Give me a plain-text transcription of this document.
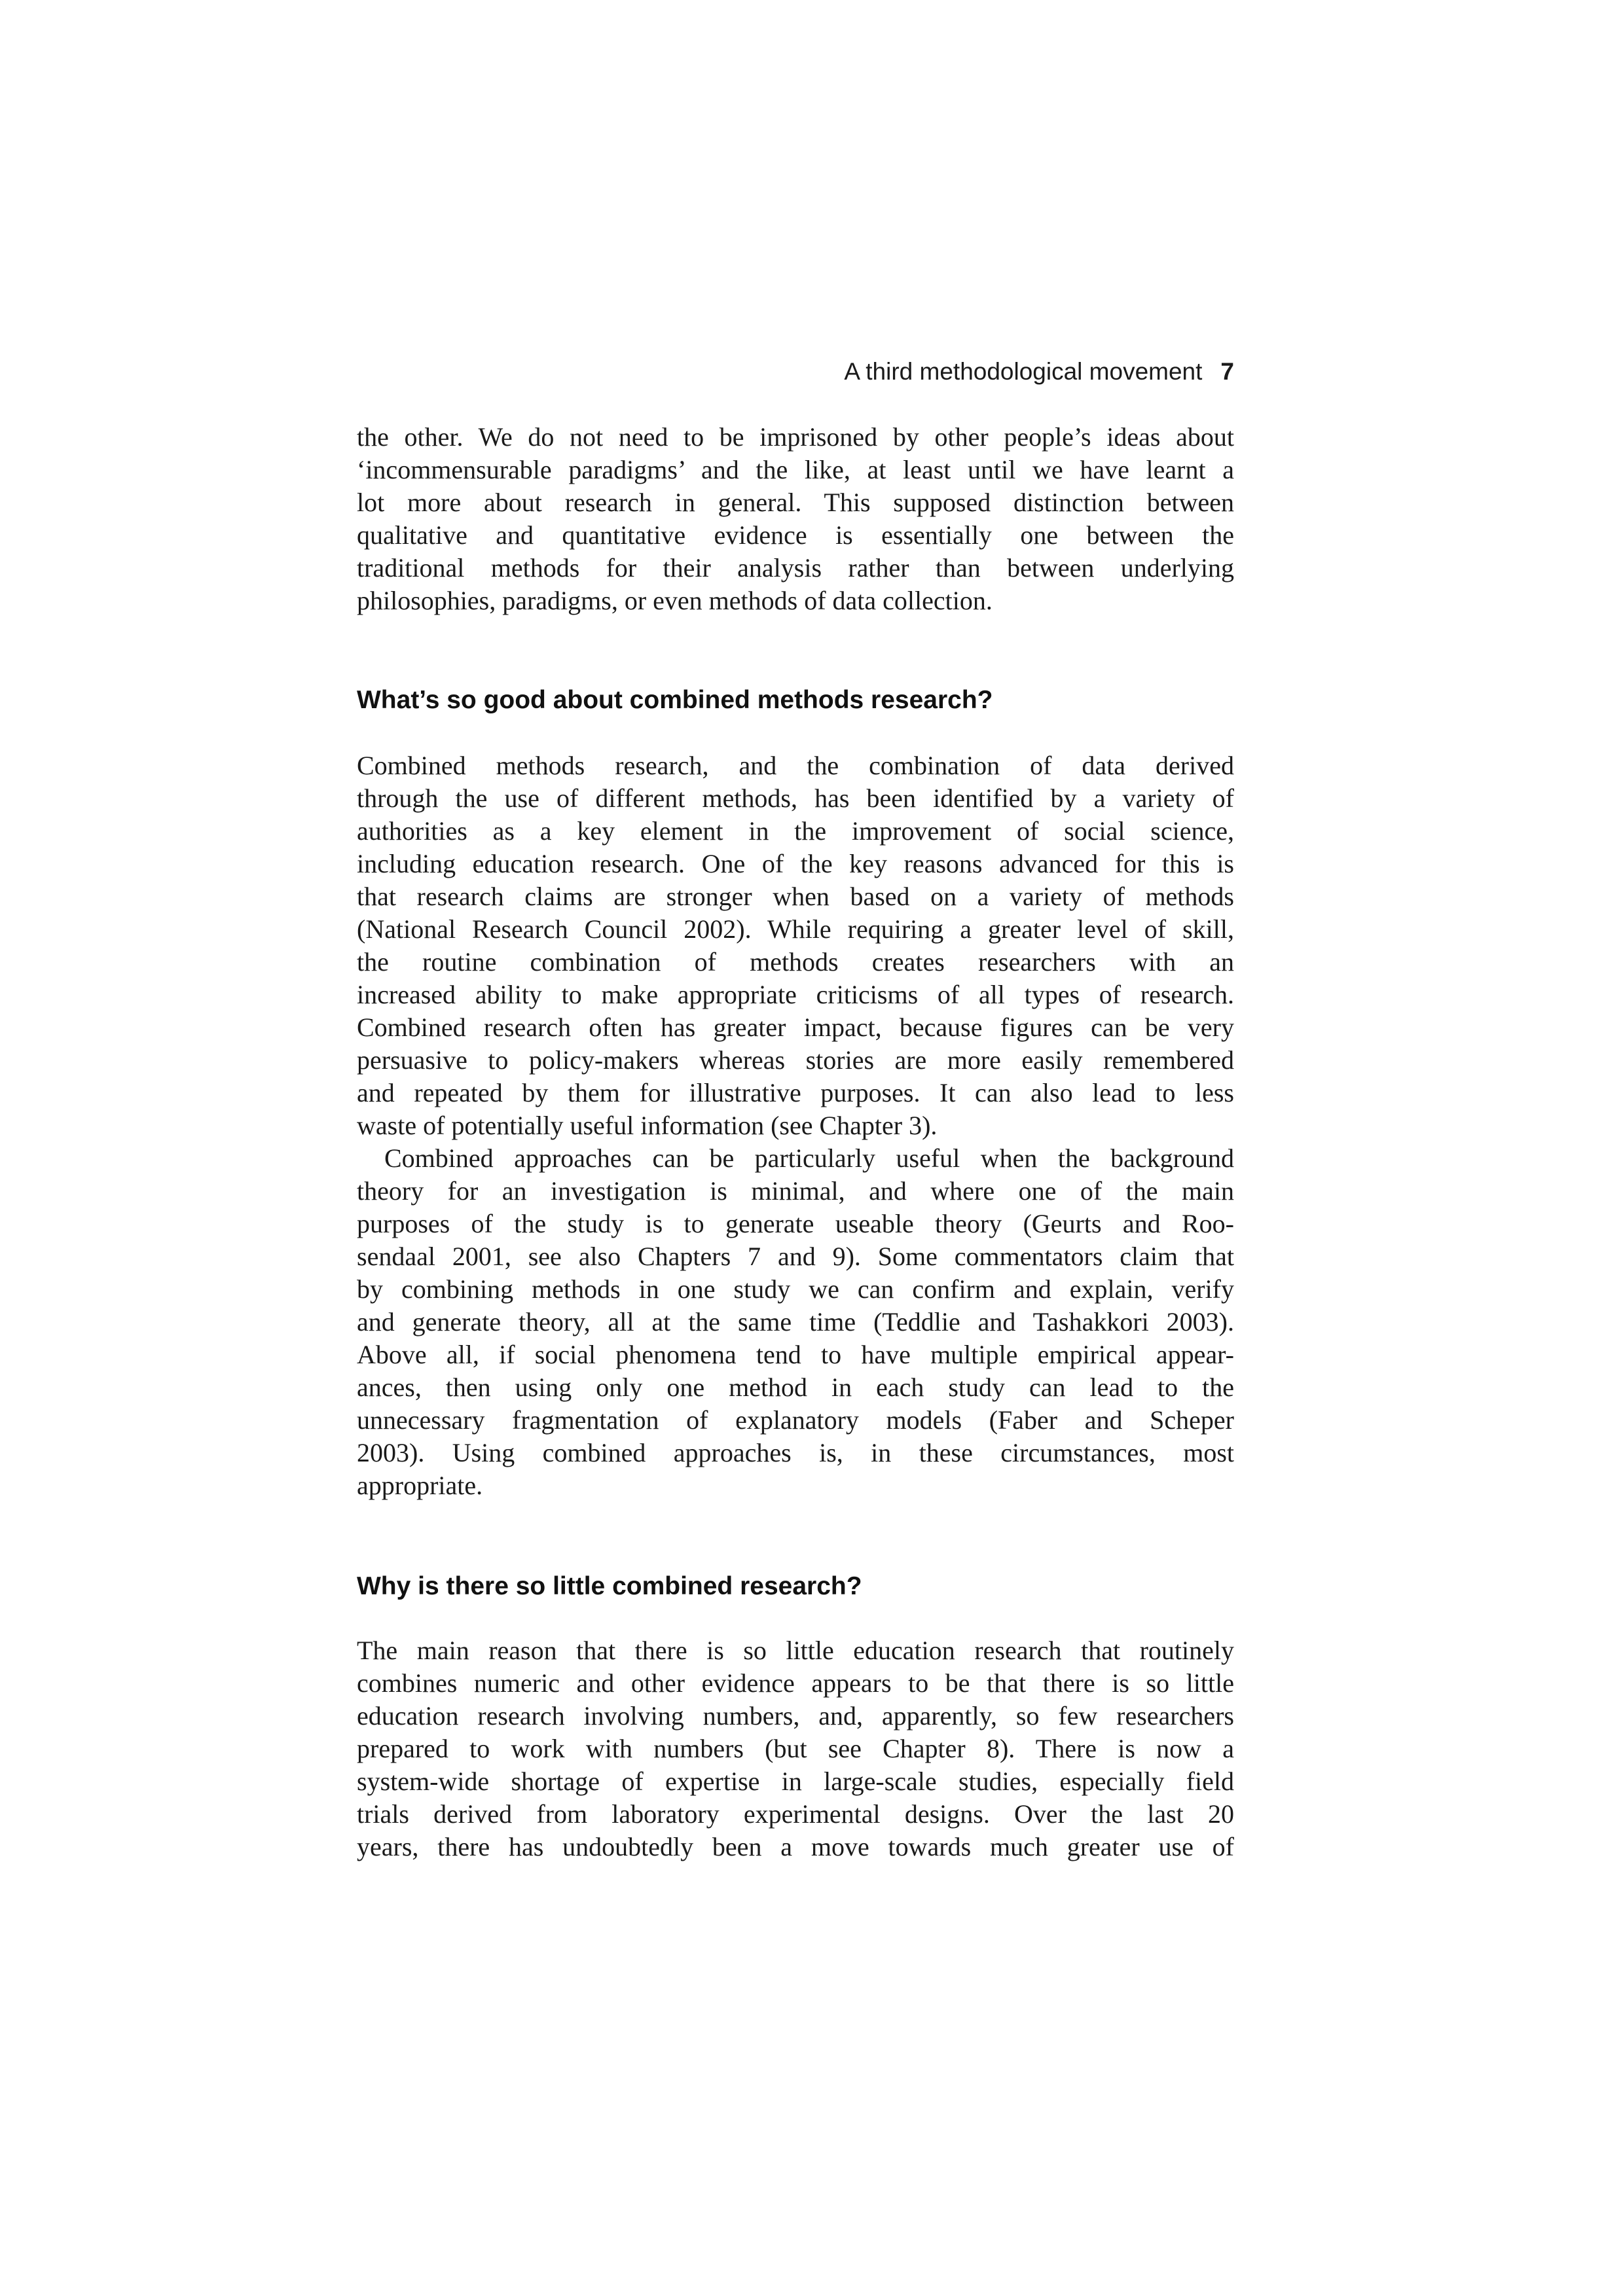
A third methodological movement 7
the other. We do not need to be imprisoned by other people’s ideas about
‘incommensurable paradigms’ and the like, at least until we have learnt a
lot more about research in general. This supposed distinction between
qualitative and quantitative evidence is essentially one between the
traditional methods for their analysis rather than between underlying
philosophies, paradigms, or even methods of data collection.
What’s so good about combined methods research?
Combined methods research, and the combination of data derived
through the use of different methods, has been identified by a variety of
authorities as a key element in the improvement of social science,
including education research. One of the key reasons advanced for this is
that research claims are stronger when based on a variety of methods
(National Research Council 2002). While requiring a greater level of skill,
the routine combination of methods creates researchers with an
increased ability to make appropriate criticisms of all types of research.
Combined research often has greater impact, because figures can be very
persuasive to policy-makers whereas stories are more easily remembered
and repeated by them for illustrative purposes. It can also lead to less
waste of potentially useful information (see Chapter 3).
Combined approaches can be particularly useful when the background
theory for an investigation is minimal, and where one of the main
purposes of the study is to generate useable theory (Geurts and Roo-
sendaal 2001, see also Chapters 7 and 9). Some commentators claim that
by combining methods in one study we can confirm and explain, verify
and generate theory, all at the same time (Teddlie and Tashakkori 2003).
Above all, if social phenomena tend to have multiple empirical appear-
ances, then using only one method in each study can lead to the
unnecessary fragmentation of explanatory models (Faber and Scheper
2003). Using combined approaches is, in these circumstances, most
appropriate.
Why is there so little combined research?
The main reason that there is so little education research that routinely
combines numeric and other evidence appears to be that there is so little
education research involving numbers, and, apparently, so few researchers
prepared to work with numbers (but see Chapter 8). There is now a
system-wide shortage of expertise in large-scale studies, especially field
trials derived from laboratory experimental designs. Over the last 20
years, there has undoubtedly been a move towards much greater use of
